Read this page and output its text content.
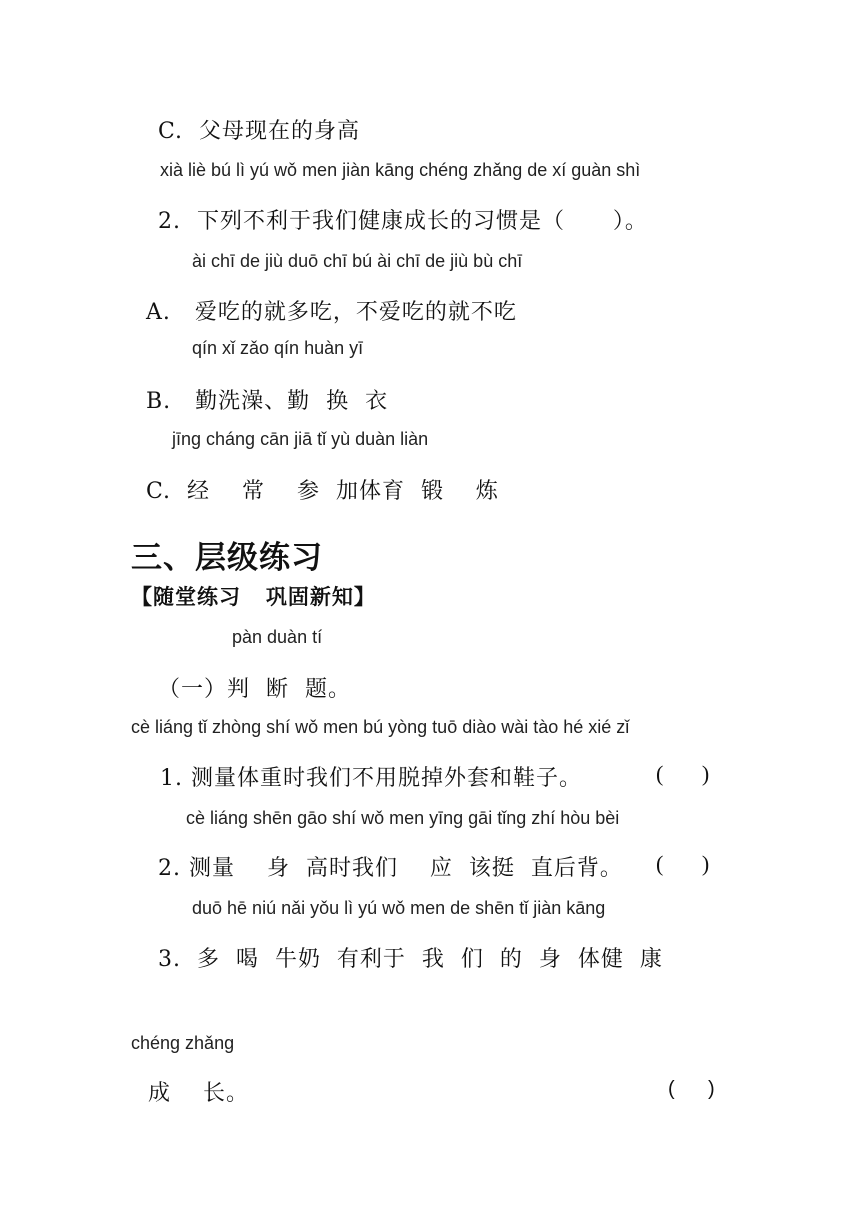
C.  父母现在的身高
xià liè bú lì yú wǒ men jiàn kāng chéng zhǎng de xí guàn shì
2.  下列不利于我们健康成长的习惯是（      ）。
ài chī de jiù duō chī bú ài chī de jiù bù chī
A.   爱吃的就多吃，不爱吃的就不吃
qín xǐ zǎo qín huàn yī
B.   勤洗澡、勤  换  衣
jīng cháng cān jiā tǐ yù duàn liàn
C.  经    常    参  加体育  锻    炼
三、层级练习
【随堂练习   巩固新知】
pàn duàn tí
（一）判  断  题。
cè liáng tǐ zhòng shí wǒ men bú yòng tuō diào wài tào hé xié zǐ
1. 测量体重时我们不用脱掉外套和鞋子。	(       )
cè liáng shēn gāo shí wǒ men yīng gāi tǐng zhí hòu bèi
2. 测量    身  高时我们    应  该挺  直后背。 (       )
duō hē niú nǎi yǒu lì yú wǒ men de shēn tǐ jiàn kāng
3.  多  喝  牛奶  有利于  我  们  的  身  体健  康
chéng zhǎng
成    长。	(      )
